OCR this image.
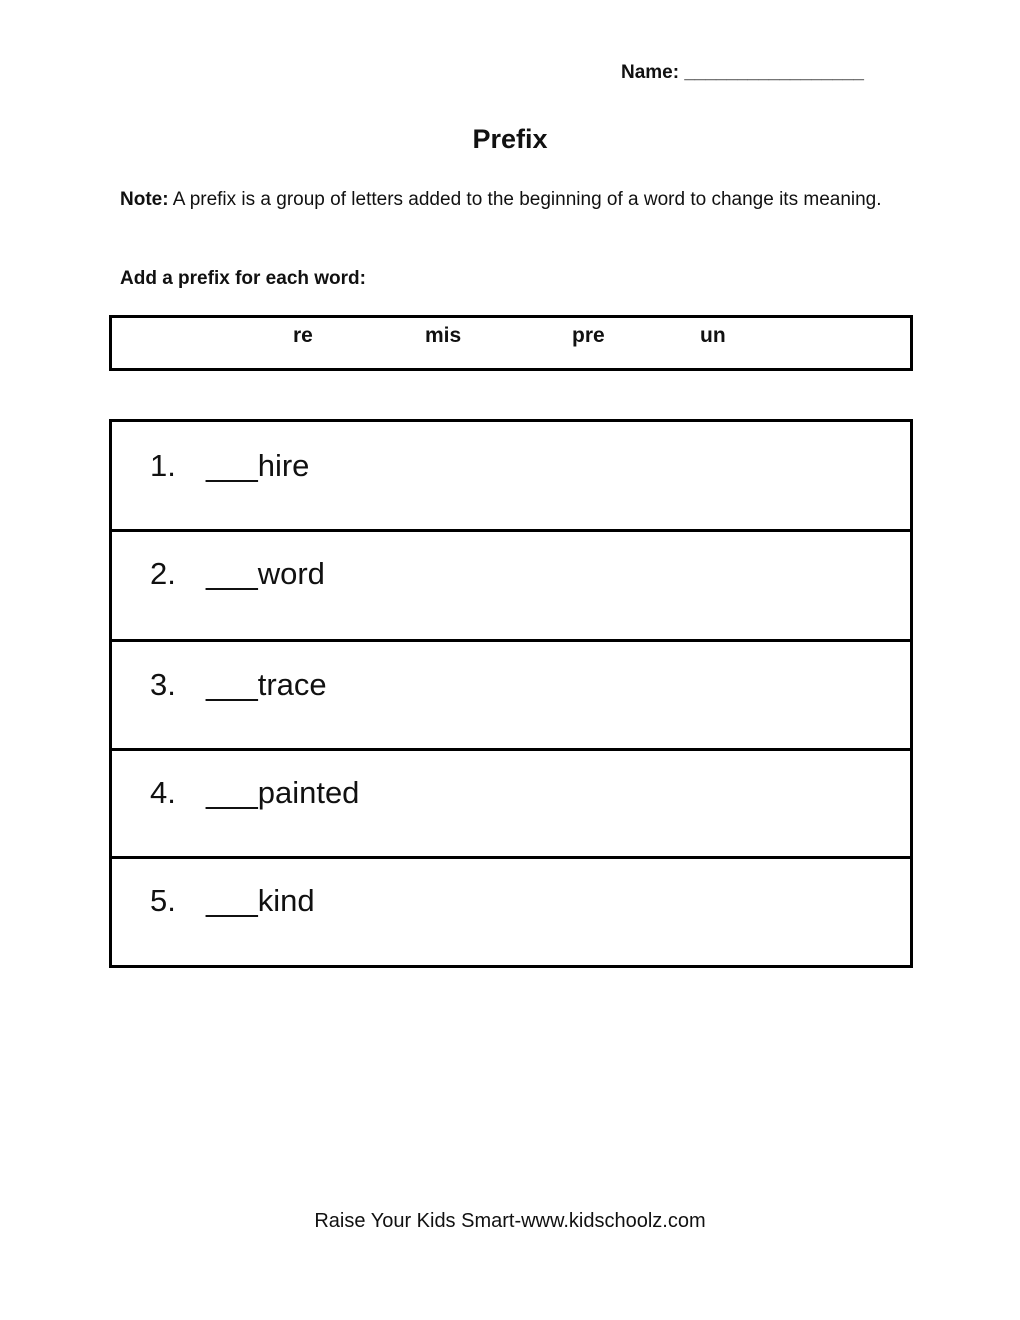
Name: _________________
Prefix
Note: A prefix is a group of letters added to the beginning of a word to change its meaning.
Add a prefix for each word:
re	mis	pre	un
1. ___hire
2. ___word
3. ___trace
4. ___painted
5. ___kind
Raise Your Kids Smart-www.kidschoolz.com
